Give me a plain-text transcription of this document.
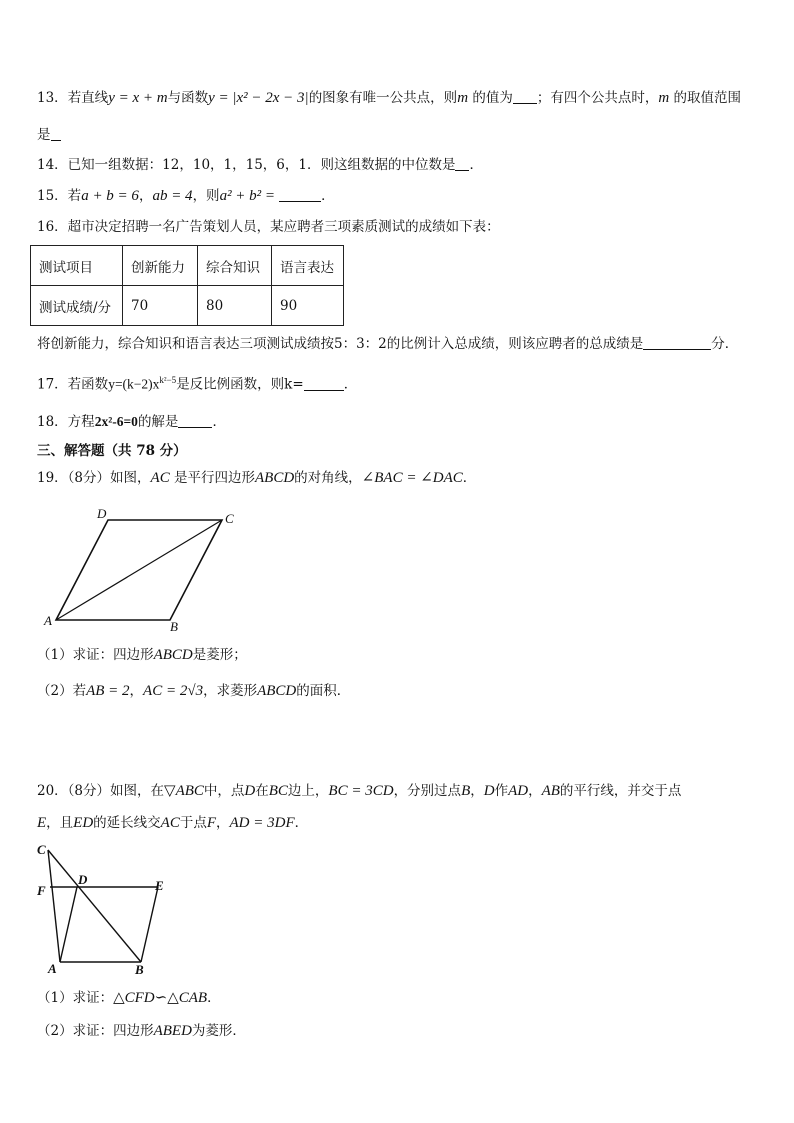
13．若直线y = x + m与函数y = |x² − 2x − 3|的图象有唯一公共点，则m 的值为 ；有四个公共点时，m 的取值范围
是
14．已知一组数据：12，10，1，15，6，1．则这组数据的中位数是 ．
15．若a + b = 6，ab = 4，则a² + b² =	．
16．超市决定招聘一名广告策划人员，某应聘者三项素质测试的成绩如下表：
测试项目	创新能力	综合知识	语言表达
测试成绩/分	70	80	90
将创新能力，综合知识和语言表达三项测试成绩按5：3：2的比例计入总成绩，则该应聘者的总成绩是	分．
17．若函数$y=(k-2)x^{k^2-5}$是反比例函数，则k=	．
18．方程2x²-6=0的解是	．
三、解答题（共 78 分）
19．（8分）如图，AC 是平行四边形ABCD的对角线，∠BAC = ∠DAC．
A	B
C
D
（1）求证：四边形ABCD是菱形；
（2）若AB = 2，AC = 2√3，求菱形ABCD的面积．
20．（8分）如图，在▽ABC中，点D在BC边上，BC = 3CD，分别过点B，D作AD，AB的平行线，并交于点
E，且ED的延长线交AC于点F，AD = 3DF．
C
F
D	E
A	B
（1）求证：△CFD∽△CAB．
（2）求证：四边形ABED为菱形．
